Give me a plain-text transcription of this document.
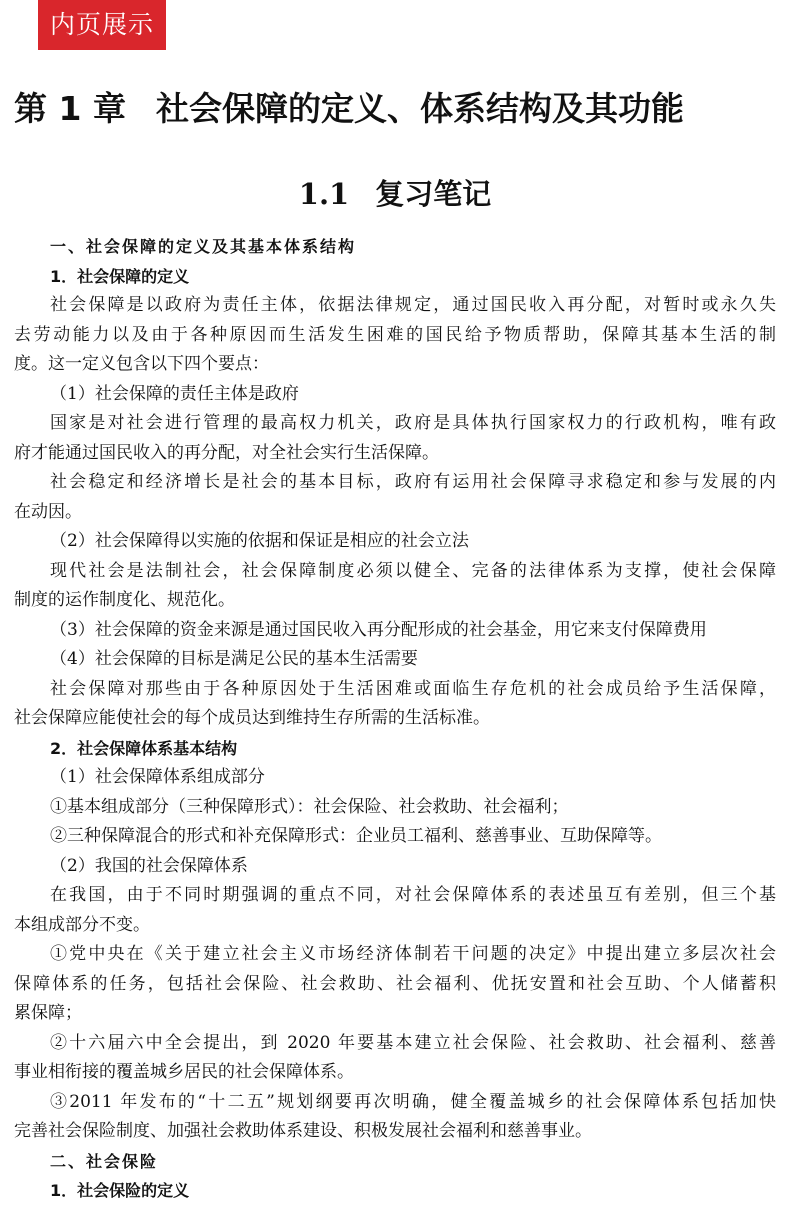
内页展示
第 1 章 社会保障的定义、体系结构及其功能
1.1 复习笔记
一、社会保障的定义及其基本体系结构
1．社会保障的定义
社会保障是以政府为责任主体，依据法律规定，通过国民收入再分配，对暂时或永久失
去劳动能力以及由于各种原因而生活发生困难的国民给予物质帮助，保障其基本生活的制
度。这一定义包含以下四个要点：
（1）社会保障的责任主体是政府
国家是对社会进行管理的最高权力机关，政府是具体执行国家权力的行政机构，唯有政
府才能通过国民收入的再分配，对全社会实行生活保障。
社会稳定和经济增长是社会的基本目标，政府有运用社会保障寻求稳定和参与发展的内
在动因。
（2）社会保障得以实施的依据和保证是相应的社会立法
现代社会是法制社会，社会保障制度必须以健全、完备的法律体系为支撑，使社会保障
制度的运作制度化、规范化。
（3）社会保障的资金来源是通过国民收入再分配形成的社会基金，用它来支付保障费用
（4）社会保障的目标是满足公民的基本生活需要
社会保障对那些由于各种原因处于生活困难或面临生存危机的社会成员给予生活保障，
社会保障应能使社会的每个成员达到维持生存所需的生活标准。
2．社会保障体系基本结构
（1）社会保障体系组成部分
①基本组成部分（三种保障形式）：社会保险、社会救助、社会福利；
②三种保障混合的形式和补充保障形式：企业员工福利、慈善事业、互助保障等。
（2）我国的社会保障体系
在我国，由于不同时期强调的重点不同，对社会保障体系的表述虽互有差别，但三个基
本组成部分不变。
①党中央在《关于建立社会主义市场经济体制若干问题的决定》中提出建立多层次社会
保障体系的任务，包括社会保险、社会救助、社会福利、优抚安置和社会互助、个人储蓄积
累保障；
②十六届六中全会提出，到 2020 年要基本建立社会保险、社会救助、社会福利、慈善
事业相衔接的覆盖城乡居民的社会保障体系。
③2011 年发布的“十二五”规划纲要再次明确，健全覆盖城乡的社会保障体系包括加快
完善社会保险制度、加强社会救助体系建设、积极发展社会福利和慈善事业。
二、社会保险
1．社会保险的定义
